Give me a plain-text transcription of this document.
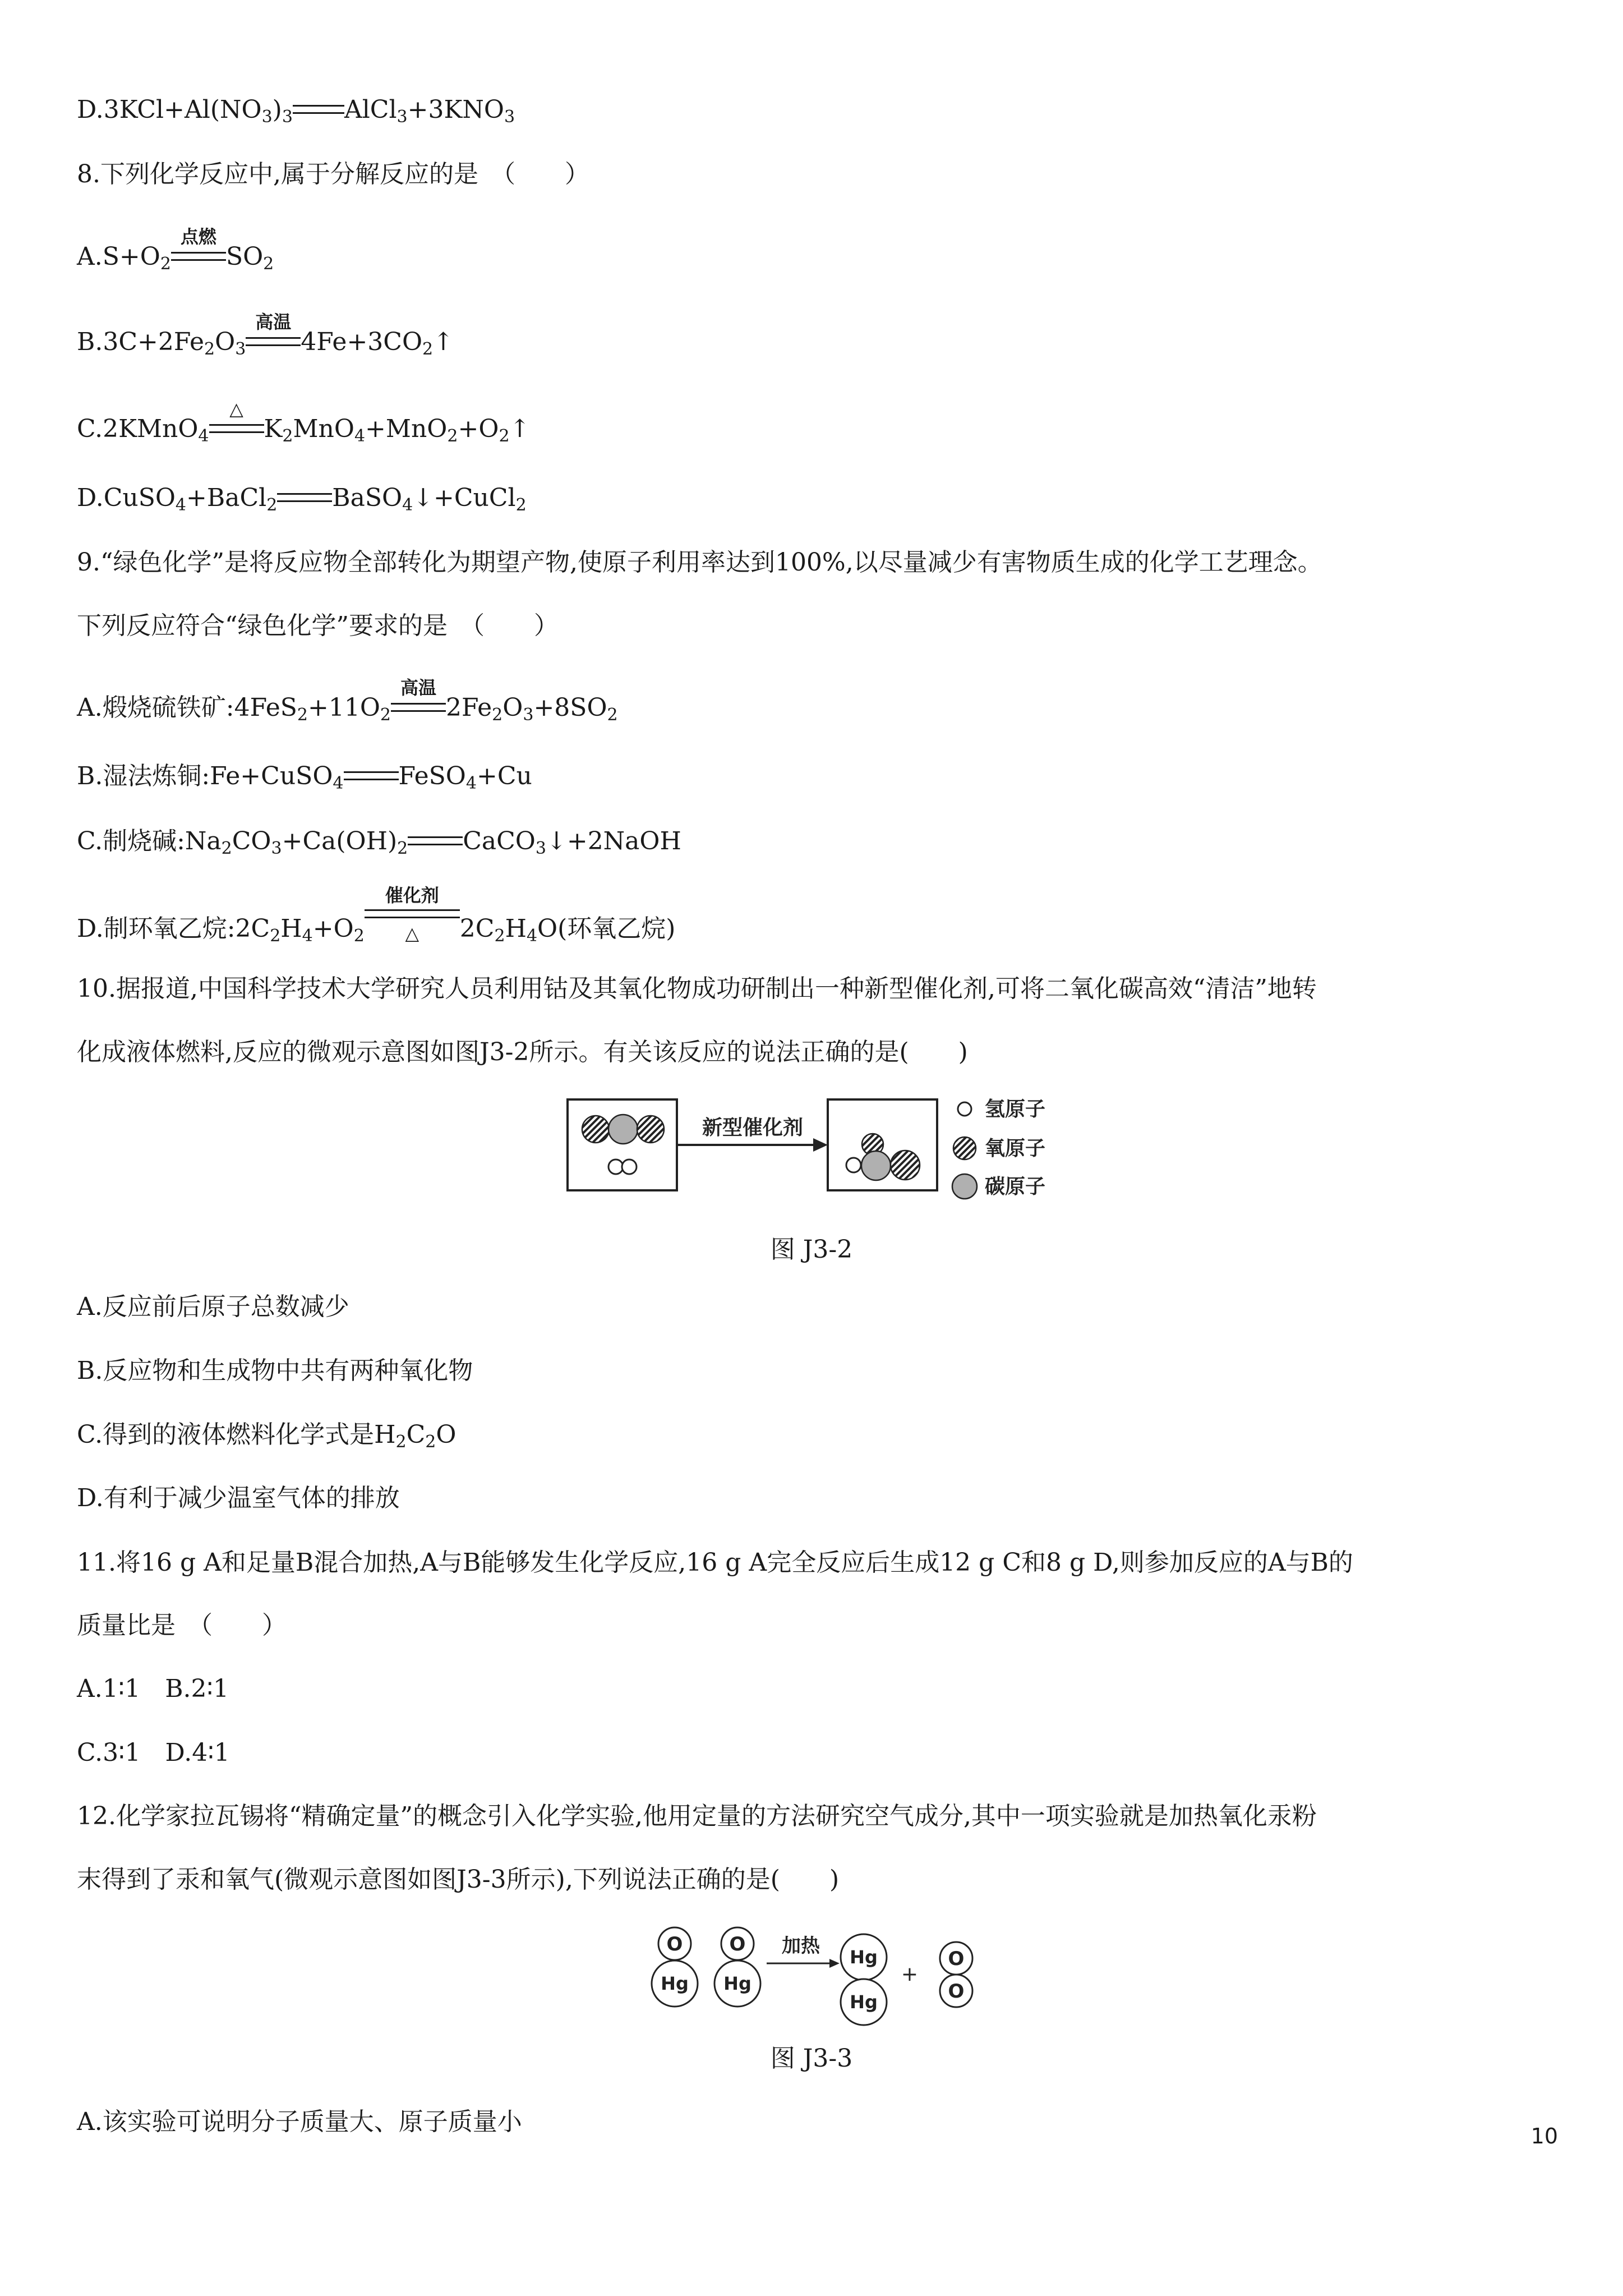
$D.3KCl+Al(NO_3)_3$ $AlCl_3+3KNO_3$
8.下列化学反应中,属于分解反应的是　（　　）
$A.S+O_2$
点燃
$SO_2$
$B.3C+2Fe_2O_3$
高温
$4Fe+3CO_2↑$
C.2KMnO$_4$
△
$K_2MnO_4+MnO_2+O_2↑$
D.CuSO$_4$+BaCl$_2$ BaSO$_4$↓+CuCl$_2$
9.“绿色化学”是将反应物全部转化为期望产物,使原子利用率达到100%,以尽量减少有害物质生成的化学工艺理念。
下列反应符合“绿色化学”要求的是　（　　）
A.煅烧硫铁矿$:4FeS_2+11O_2$
高温
$2Fe_2O_3+8SO_2$
B.湿法炼铜:Fe+CuSO$_4$ FeSO$_4$+Cu
C.制烧碱$:Na_2CO_3+Ca(OH)_2$ CaCO$_3$↓+2NaOH
D.制环氧乙烷$:2C_2H_4+O_2$
催化剂
△	$2C_2H_4O$(环氧乙烷)
10.据报道,中国科学技术大学研究人员利用钴及其氧化物成功研制出一种新型催化剂,可将二氧化碳高效“清洁”地转
化成液体燃料,反应的微观示意图如图J3-2所示。有关该反应的说法正确的是(　　)
新型催化剂
氢原子
氧原子
碳原子
图 J3-2
A.反应前后原子总数减少
B.反应物和生成物中共有两种氧化物
C.得到的液体燃料化学式是$H_2C_2O$
D.有利于减少温室气体的排放
11.将16 g A和足量B混合加热,A与B能够发生化学反应,16 g A完全反应后生成12 g C和8 g D,则参加反应的A与B的
质量比是　（　　）
A.1∶1　B.2∶1
C.3∶1　D.4∶1
12.化学家拉瓦锡将“精确定量”的概念引入化学实验,他用定量的方法研究空气成分,其中一项实验就是加热氧化汞粉
末得到了汞和氧气(微观示意图如图J3-3所示),下列说法正确的是(　　)
O
Hg
O
Hg
Hg
Hg
O
O
加热
+
图 J3-3
A.该实验可说明分子质量大、原子质量小	10
